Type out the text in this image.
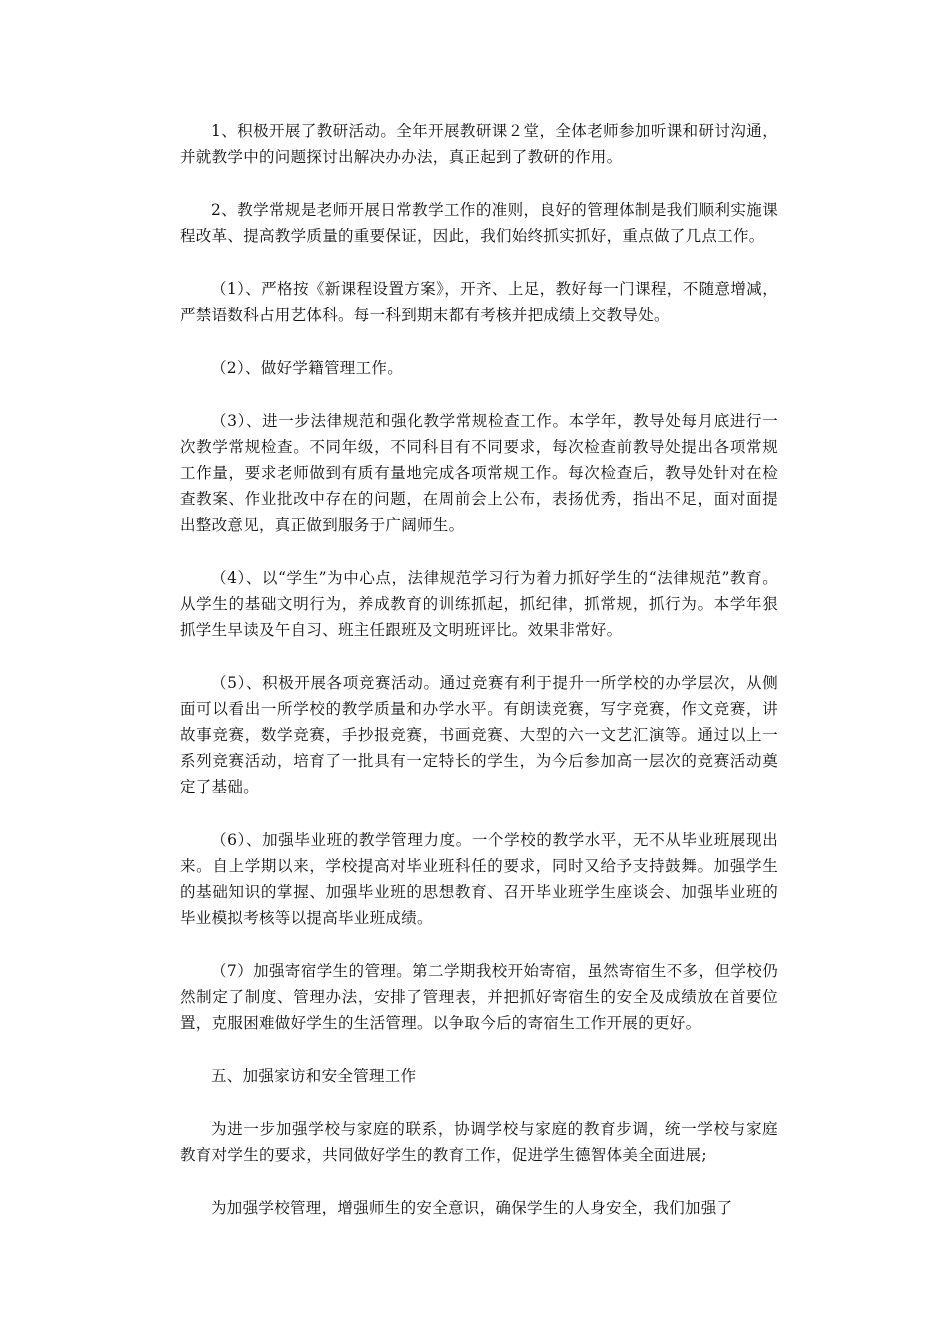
1、积极开展了教研活动。全年开展教研课２堂，全体老师参加听课和研讨沟通，并就教学中的问题探讨出解决办办法，真正起到了教研的作用。

2、教学常规是老师开展日常教学工作的准则，良好的管理体制是我们顺利实施课程改革、提高教学质量的重要保证，因此，我们始终抓实抓好，重点做了几点工作。

（1）、严格按《新课程设置方案》，开齐、上足，教好每一门课程，不随意增减，严禁语数科占用艺体科。每一科到期末都有考核并把成绩上交教导处。

（2）、做好学籍管理工作。

（3）、进一步法律规范和强化教学常规检查工作。本学年，教导处每月底进行一次教学常规检查。不同年级，不同科目有不同要求，每次检查前教导处提出各项常规工作量，要求老师做到有质有量地完成各项常规工作。每次检查后，教导处针对在检查教案、作业批改中存在的问题，在周前会上公布，表扬优秀，指出不足，面对面提出整改意见，真正做到服务于广阔师生。

（4）、以“学生”为中心点，法律规范学习行为着力抓好学生的“法律规范”教育。从学生的基础文明行为，养成教育的训练抓起，抓纪律，抓常规，抓行为。本学年狠抓学生早读及午自习、班主任跟班及文明班评比。效果非常好。

（5）、积极开展各项竞赛活动。通过竞赛有利于提升一所学校的办学层次，从侧面可以看出一所学校的教学质量和办学水平。有朗读竞赛，写字竞赛，作文竞赛，讲故事竞赛，数学竞赛，手抄报竞赛，书画竞赛、大型的六一文艺汇演等。通过以上一系列竞赛活动，培育了一批具有一定特长的学生，为今后参加高一层次的竞赛活动奠定了基础。

（6）、加强毕业班的教学管理力度。一个学校的教学水平，无不从毕业班展现出来。自上学期以来，学校提高对毕业班科任的要求，同时又给予支持鼓舞。加强学生的基础知识的掌握、加强毕业班的思想教育、召开毕业班学生座谈会、加强毕业班的毕业模拟考核等以提高毕业班成绩。

（7）加强寄宿学生的管理。第二学期我校开始寄宿，虽然寄宿生不多，但学校仍然制定了制度、管理办法，安排了管理表，并把抓好寄宿生的安全及成绩放在首要位置，克服困难做好学生的生活管理。以争取今后的寄宿生工作开展的更好。

五、加强家访和安全管理工作

为进一步加强学校与家庭的联系，协调学校与家庭的教育步调，统一学校与家庭教育对学生的要求，共同做好学生的教育工作，促进学生德智体美全面进展;

为加强学校管理，增强师生的安全意识，确保学生的人身安全，我们加强了
